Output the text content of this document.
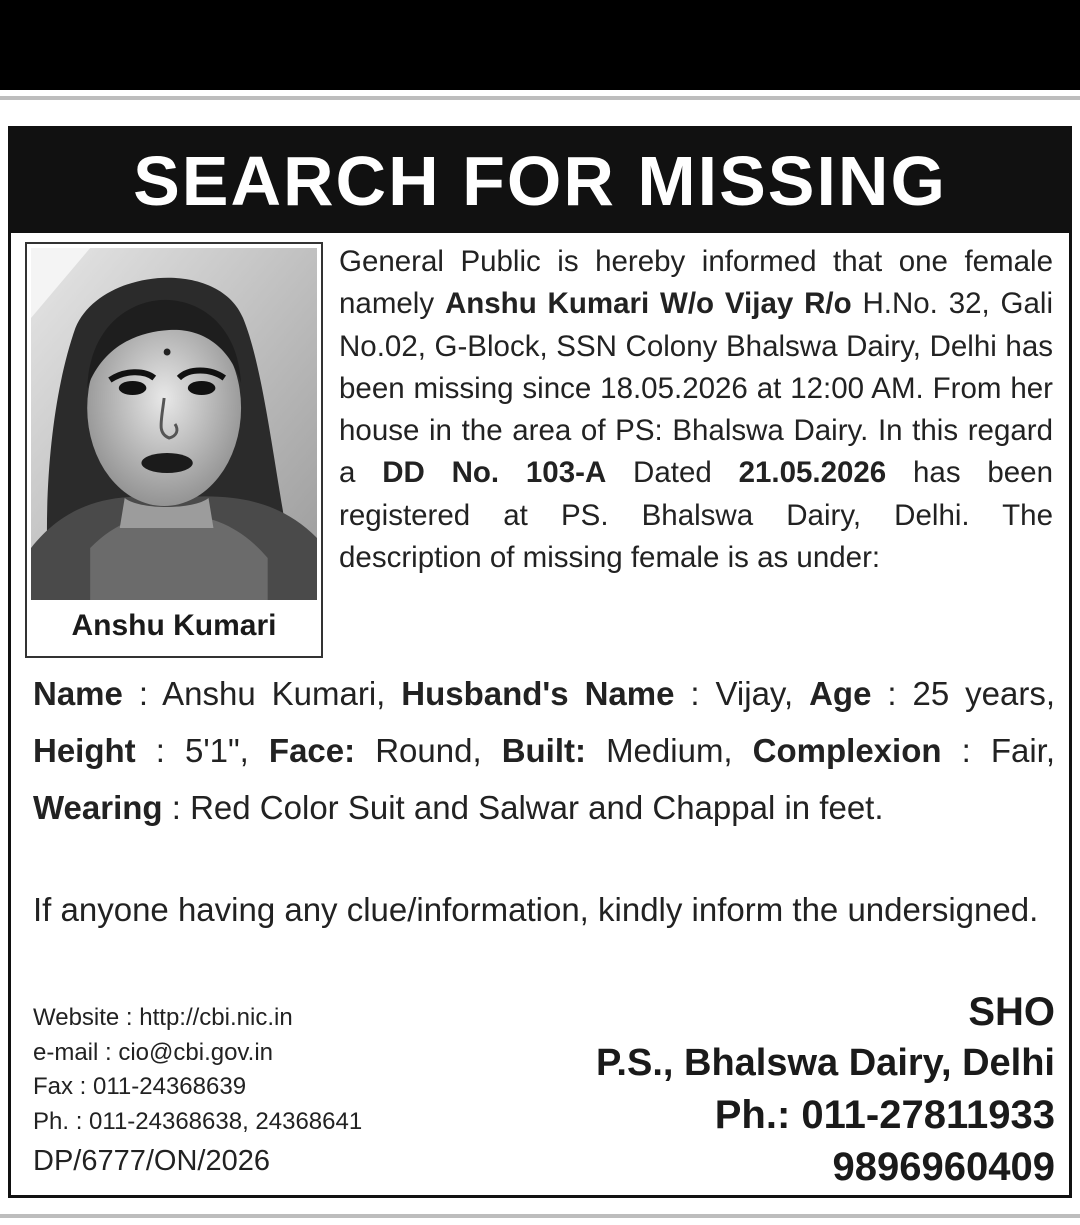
SEARCH FOR MISSING
Anshu Kumari

General Public is hereby informed that one female namely Anshu Kumari W/o Vijay R/o H.No. 32, Gali No.02, G-Block, SSN Colony Bhalswa Dairy, Delhi has been missing since 18.05.2026 at 12:00 AM. From her house in the area of PS: Bhalswa Dairy. In this regard a DD No. 103-A Dated 21.05.2026 has been registered at PS. Bhalswa Dairy, Delhi. The description of missing female is as under:

Name : Anshu Kumari, Husband's Name : Vijay, Age : 25 years, Height : 5'1", Face: Round, Built: Medium, Complexion : Fair, Wearing : Red Color Suit and Salwar and Chappal in feet.

If anyone having any clue/information, kindly inform the undersigned.

Website : http://cbi.nic.in
e-mail : cio@cbi.gov.in
Fax : 011-24368639
Ph. : 011-24368638, 24368641
DP/6777/ON/2026
SHO
P.S., Bhalswa Dairy, Delhi
Ph.: 011-27811933
9896960409
